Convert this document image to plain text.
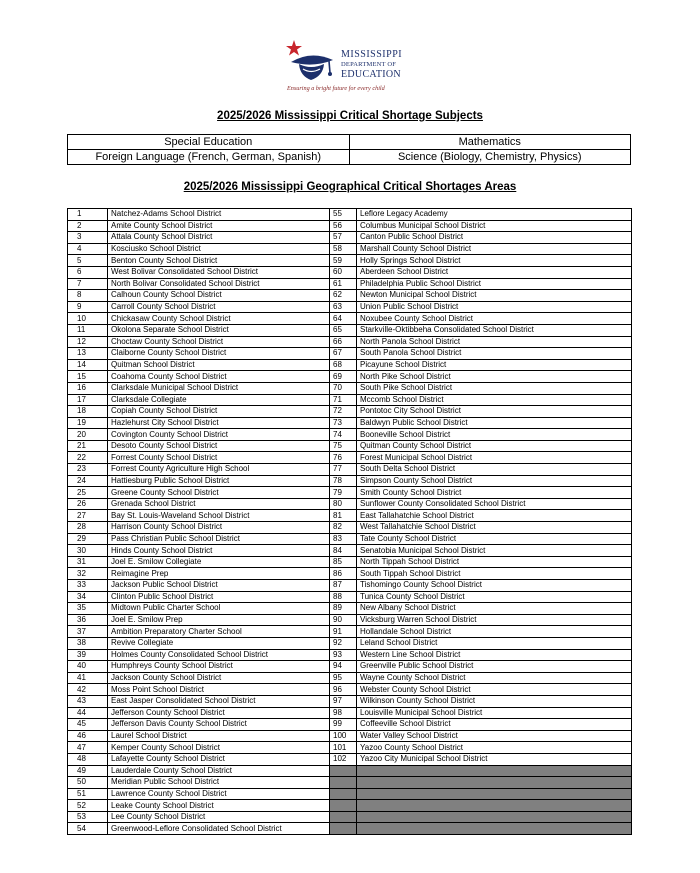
MISSISSIPPI
DEPARTMENT OF
EDUCATION
Ensuring a bright future for every child
2025/2026 Mississippi Critical Shortage Subjects
Special Education	Mathematics
Foreign Language (French, German, Spanish)	Science (Biology, Chemistry, Physics)
2025/2026 Mississippi Geographical Critical Shortages Areas
1	Natchez-Adams School District	55	Leflore Legacy Academy
2	Amite County School District	56	Columbus Municipal School District
3	Attala County School District	57	Canton Public School District
4	Kosciusko School District	58	Marshall County School District
5	Benton County School District	59	Holly Springs School District
6	West Bolivar Consolidated School District	60	Aberdeen School District
7	North Bolivar Consolidated School District	61	Philadelphia Public School District
8	Calhoun County School District	62	Newton Municipal School District
9	Carroll County School District	63	Union Public School District
10	Chickasaw County School District	64	Noxubee County School District
11	Okolona Separate School District	65	Starkville-Oktibbeha Consolidated School District
12	Choctaw County School District	66	North Panola School District
13	Claiborne County School District	67	South Panola School District
14	Quitman School District	68	Picayune School District
15	Coahoma County School District	69	North Pike School District
16	Clarksdale Municipal School District	70	South Pike School District
17	Clarksdale Collegiate	71	Mccomb School District
18	Copiah County School District	72	Pontotoc City School District
19	Hazlehurst City School District	73	Baldwyn Public School District
20	Covington County School District	74	Booneville School District
21	Desoto County School District	75	Quitman County School District
22	Forrest County School District	76	Forest Municipal School District
23	Forrest County Agriculture High School	77	South Delta School District
24	Hattiesburg Public School District	78	Simpson County School District
25	Greene County School District	79	Smith County School District
26	Grenada School District	80	Sunflower County Consolidated School District
27	Bay St. Louis-Waveland School District	81	East Tallahatchie School District
28	Harrison County School District	82	West Tallahatchie School District
29	Pass Christian Public School District	83	Tate County School District
30	Hinds County School District	84	Senatobia Municipal School District
31	Joel E. Smilow Collegiate	85	North Tippah School District
32	Reimagine Prep	86	South Tippah School District
33	Jackson Public School District	87	Tishomingo County School District
34	Clinton Public School District	88	Tunica County School District
35	Midtown Public Charter School	89	New Albany School District
36	Joel E. Smilow Prep	90	Vicksburg Warren School District
37	Ambition Preparatory Charter School	91	Hollandale School District
38	Revive Collegiate	92	Leland School District
39	Holmes County Consolidated School District	93	Western Line School District
40	Humphreys County School District	94	Greenville Public School District
41	Jackson County School District	95	Wayne County School District
42	Moss Point School District	96	Webster County School District
43	East Jasper Consolidated School District	97	Wilkinson County School District
44	Jefferson County School District	98	Louisville Municipal School District
45	Jefferson Davis County School District	99	Coffeeville School District
46	Laurel School District	100	Water Valley School District
47	Kemper County School District	101	Yazoo County School District
48	Lafayette County School District	102	Yazoo City Municipal School District
49	Lauderdale County School District		
50	Meridian Public School District		
51	Lawrence County School District		
52	Leake County School District		
53	Lee County School District		
54	Greenwood-Leflore Consolidated School District		
